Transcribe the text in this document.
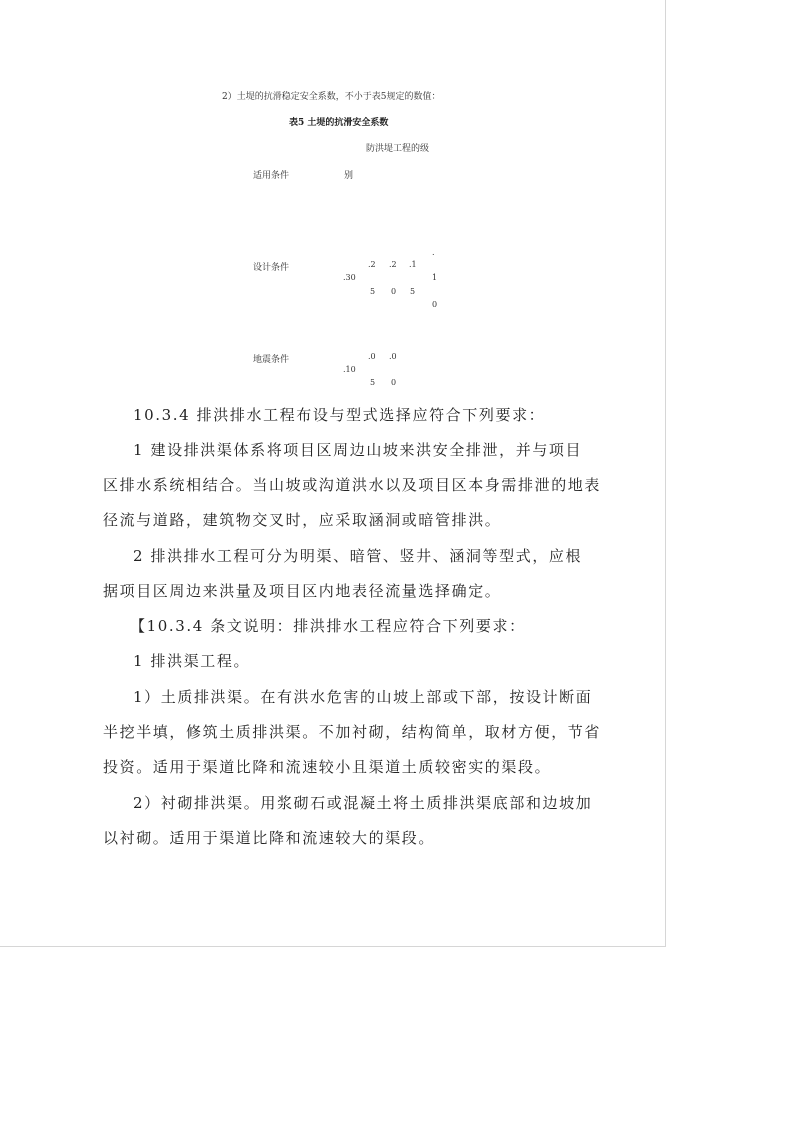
2）土堤的抗滑稳定安全系数，不小于表5规定的数值：
表5 土堤的抗滑安全系数
防洪堤工程的级
适用条件	别
设计条件
.30
.2
5
.2
0
.1
5
.
1
0
地震条件
.10
.0
5
.0
0
10.3.4 排洪排水工程布设与型式选择应符合下列要求：
1 建设排洪渠体系将项目区周边山坡来洪安全排泄，并与项目
区排水系统相结合。当山坡或沟道洪水以及项目区本身需排泄的地表
径流与道路，建筑物交叉时，应采取涵洞或暗管排洪。
2 排洪排水工程可分为明渠、暗管、竖井、涵洞等型式，应根
据项目区周边来洪量及项目区内地表径流量选择确定。
【10.3.4 条文说明：排洪排水工程应符合下列要求：
1 排洪渠工程。
1）土质排洪渠。在有洪水危害的山坡上部或下部，按设计断面
半挖半填，修筑土质排洪渠。不加衬砌，结构简单，取材方便，节省
投资。适用于渠道比降和流速较小且渠道土质较密实的渠段。
2）衬砌排洪渠。用浆砌石或混凝土将土质排洪渠底部和边坡加
以衬砌。适用于渠道比降和流速较大的渠段。
